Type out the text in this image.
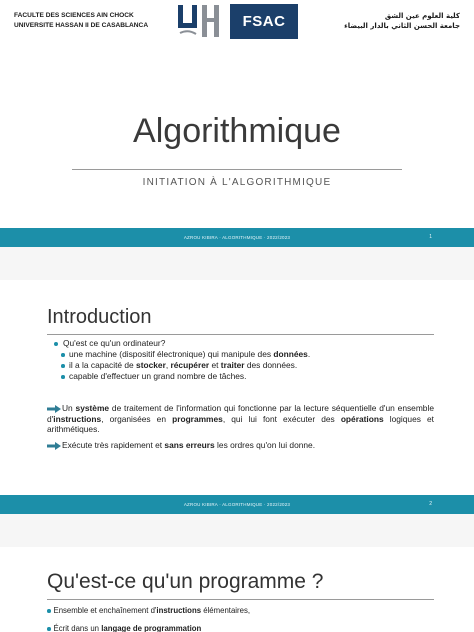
FACULTE DES SCIENCES AIN CHOCK
UNIVERSITE HASSAN II DE CASABLANCA	FSAC	كلية العلوم عين الشق
جامعة الحسن الثاني بالدار البيضاء
Algorithmique
INITIATION À L'ALGORITHMIQUE
AZROU KIBIRA · ALGORITHMIQUE · 2022/2023	1
Introduction
Qu'est ce qu'un ordinateur?
une machine (dispositif électronique) qui manipule des données.
il a la capacité de stocker, récupérer et traiter des données.
capable d'effectuer un grand nombre de tâches.
Un système de traitement de l'information qui fonctionne par la lecture séquentielle d'un ensemble d'instructions, organisées en programmes, qui lui font exécuter des opérations logiques et arithmétiques.
Exécute très rapidement et sans erreurs les ordres qu'on lui donne.
AZROU KIBIRA · ALGORITHMIQUE · 2022/2023	2
Qu'est-ce qu'un programme ?
Ensemble et enchaînement d'instructions élémentaires,
Écrit dans un langage de programmation
